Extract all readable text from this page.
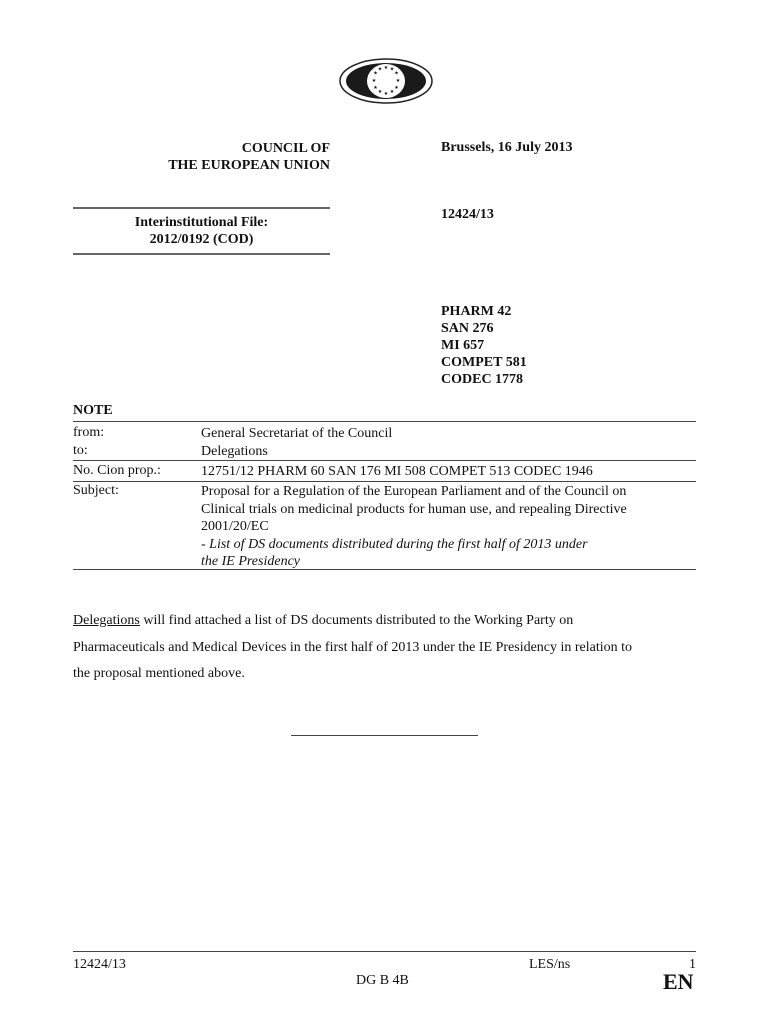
★ ★
★
★
★
★
★
★
★
★
★
★
COUNCIL OF
THE EUROPEAN UNION
Brussels, 16 July 2013
Interinstitutional File:
2012/0192 (COD)
12424/13
PHARM 42
SAN 276
MI 657
COMPET 581
CODEC 1778
NOTE
from:	General Secretariat of the Council
to:	Delegations
No. Cion prop.:	12751/12 PHARM 60 SAN 176 MI 508 COMPET 513 CODEC 1946
Subject:	Proposal for a Regulation of the European Parliament and of the Council on
Clinical trials on medicinal products for human use, and repealing Directive
2001/20/EC
- List of DS documents distributed during the first half of 2013 under
the IE Presidency
Delegations will find attached a list of DS documents distributed to the Working Party on
Pharmaceuticals and Medical Devices in the first half of 2013 under the IE Presidency in relation to
the proposal mentioned above.
12424/13	LES/ns	1
DG B 4B	EN
